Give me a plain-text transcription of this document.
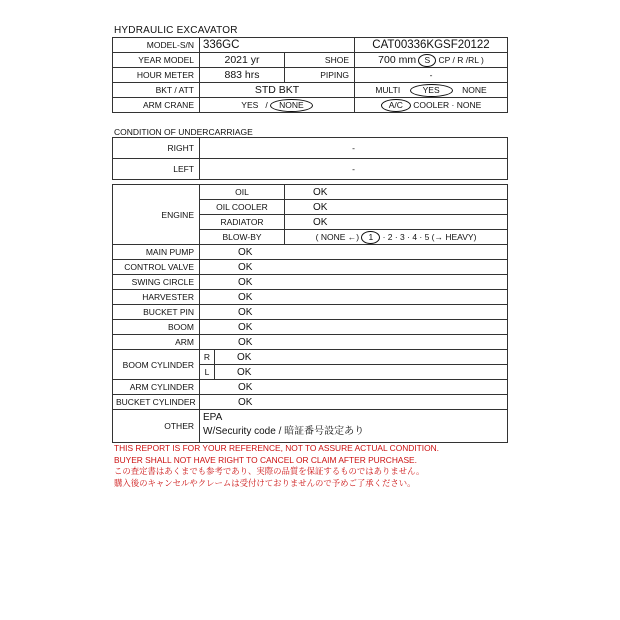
HYDRAULIC EXCAVATOR
MODEL-S/N	336GC		CAT00336KGSF20122
YEAR MODEL	2021 yr	SHOE	700 mm S CP / R /RL )
HOUR METER	883 hrs	PIPING	-
BKT / ATT	STD BKT		MULTI YES NONE
ARM CRANE	YES / NONE		A/C COOLER · NONE
CONDITION OF UNDERCARRIAGE
RIGHT	-
LEFT	-
ENGINE	OIL		OK
	OIL COOLER		OK
	RADIATOR		OK
	BLOW-BY		( NONE ←) 1 · 2 · 3 · 4 · 5 (→ HEAVY)
MAIN PUMP	OK		
CONTROL VALVE	OK		
SWING CIRCLE	OK		
HARVESTER	OK		
BUCKET PIN	OK		
BOOM	OK		
ARM	OK		
BOOM CYLINDER	R	OK	
	L	OK	
ARM CYLINDER	OK		
BUCKET CYLINDER	OK		
OTHER	EPA
W/Security code / 暗証番号設定あり		
THIS REPORT IS FOR YOUR REFERENCE, NOT TO ASSURE ACTUAL CONDITION.
BUYER SHALL NOT HAVE RIGHT TO CANCEL OR CLAIM AFTER PURCHASE.
この査定書はあくまでも参考であり、実際の品質を保証するものではありません。
購入後のキャンセルやクレームは受付けておりませんので予めご了承ください。
